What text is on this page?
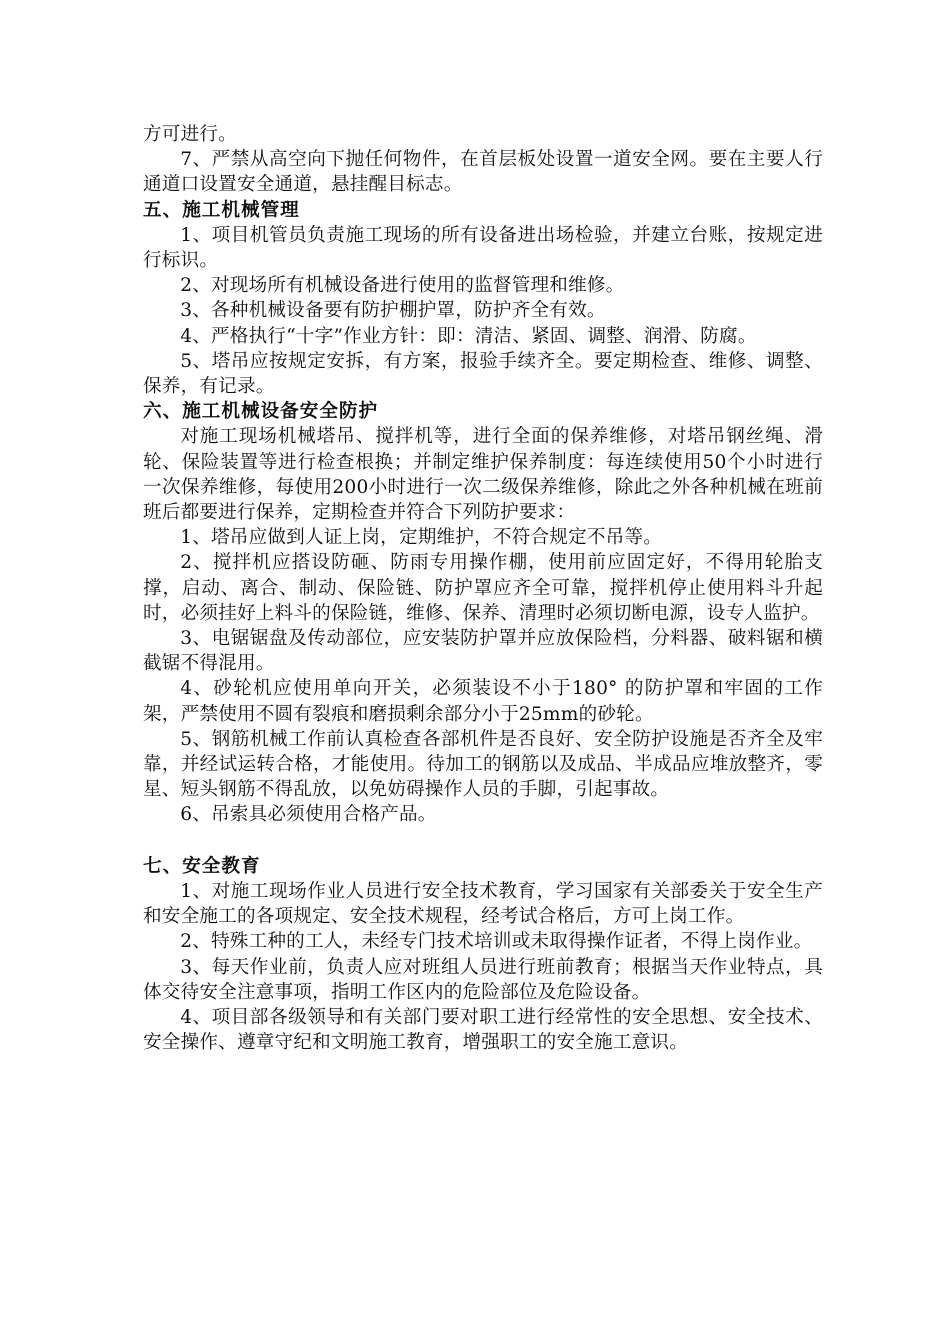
方可进行。

7、严禁从高空向下抛任何物件，在首层板处设置一道安全网。要在主要人行通道口设置安全通道，悬挂醒目标志。

五、施工机械管理

1、项目机管员负责施工现场的所有设备进出场检验，并建立台账，按规定进行标识。

2、对现场所有机械设备进行使用的监督管理和维修。

3、各种机械设备要有防护棚护罩，防护齐全有效。

4、严格执行“十字”作业方针：即：清洁、紧固、调整、润滑、防腐。

5、塔吊应按规定安拆，有方案，报验手续齐全。要定期检查、维修、调整、保养，有记录。

六、施工机械设备安全防护

对施工现场机械塔吊、搅拌机等，进行全面的保养维修，对塔吊钢丝绳、滑轮、保险装置等进行检查根换；并制定维护保养制度：每连续使用50个小时进行一次保养维修，每使用200小时进行一次二级保养维修，除此之外各种机械在班前班后都要进行保养，定期检查并符合下列防护要求：

1、塔吊应做到人证上岗，定期维护，不符合规定不吊等。

2、搅拌机应搭设防砸、防雨专用操作棚，使用前应固定好，不得用轮胎支撑，启动、离合、制动、保险链、防护罩应齐全可靠，搅拌机停止使用料斗升起时，必须挂好上料斗的保险链，维修、保养、清理时必须切断电源，设专人监护。

3、电锯锯盘及传动部位，应安装防护罩并应放保险档，分料器、破料锯和横截锯不得混用。

4、砂轮机应使用单向开关，必须装设不小于180° 的防护罩和牢固的工作架，严禁使用不圆有裂痕和磨损剩余部分小于25mm的砂轮。

5、钢筋机械工作前认真检查各部机件是否良好、安全防护设施是否齐全及牢靠，并经试运转合格，才能使用。待加工的钢筋以及成品、半成品应堆放整齐，零星、短头钢筋不得乱放，以免妨碍操作人员的手脚，引起事故。

6、吊索具必须使用合格产品。

七、安全教育

1、对施工现场作业人员进行安全技术教育，学习国家有关部委关于安全生产和安全施工的各项规定、安全技术规程，经考试合格后，方可上岗工作。

2、特殊工种的工人，未经专门技术培训或未取得操作证者，不得上岗作业。

3、每天作业前，负责人应对班组人员进行班前教育；根据当天作业特点，具体交待安全注意事项，指明工作区内的危险部位及危险设备。

4、项目部各级领导和有关部门要对职工进行经常性的安全思想、安全技术、安全操作、遵章守纪和文明施工教育，增强职工的安全施工意识。
